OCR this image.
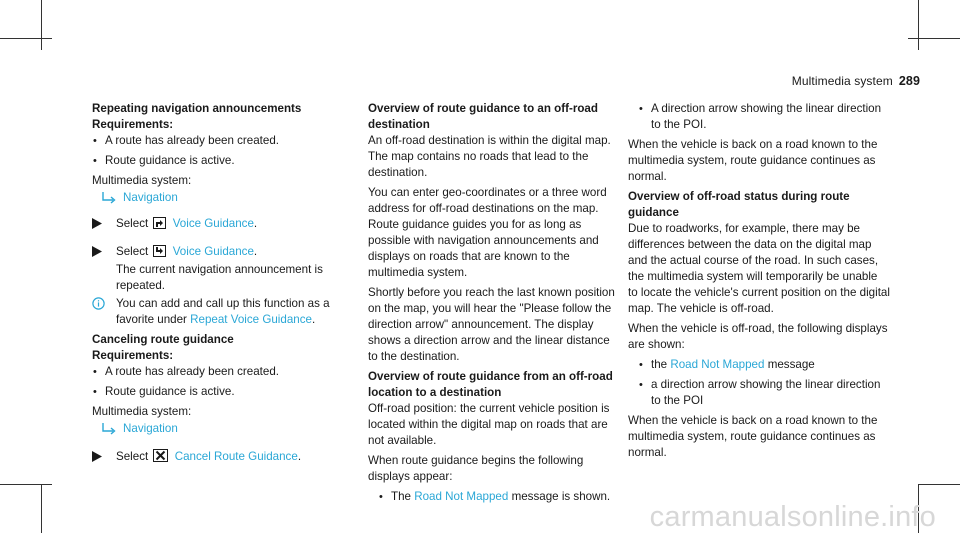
Multimedia system 289

Repeating navigation announcements

Requirements:

• A route has already been created.
• Route guidance is active.

Multimedia system:

Navigation
Select Voice Guidance.
Select Voice Guidance.

The current navigation announcement is repeated.

You can add and call up this function as a favorite under Repeat Voice Guidance.

Canceling route guidance

Requirements:

• A route has already been created.
• Route guidance is active.

Multimedia system:

Navigation
Select Cancel Route Guidance.

Overview of route guidance to an off-road destination

An off-road destination is within the digital map. The map contains no roads that lead to the destination.

You can enter geo-coordinates or a three word address for off-road destinations on the map. Route guidance guides you for as long as possible with navigation announcements and displays on roads that are known to the multimedia system.

Shortly before you reach the last known position on the map, you will hear the "Please follow the direction arrow" announcement. The display shows a direction arrow and the linear distance to the destination.

Overview of route guidance from an off-road location to a destination

Off-road position: the current vehicle position is located within the digital map on roads that are not available.

When route guidance begins the following displays appear:

• The Road Not Mapped message is shown.
• A direction arrow showing the linear direction to the POI.

When the vehicle is back on a road known to the multimedia system, route guidance continues as normal.

Overview of off-road status during route guidance

Due to roadworks, for example, there may be differences between the data on the digital map and the actual course of the road. In such cases, the multimedia system will temporarily be unable to locate the vehicle's current position on the digital map. The vehicle is off-road.

When the vehicle is off-road, the following displays are shown:

• the Road Not Mapped message
• a direction arrow showing the linear direction to the POI

When the vehicle is back on a road known to the multimedia system, route guidance continues as normal.

carmanualsonline.info
